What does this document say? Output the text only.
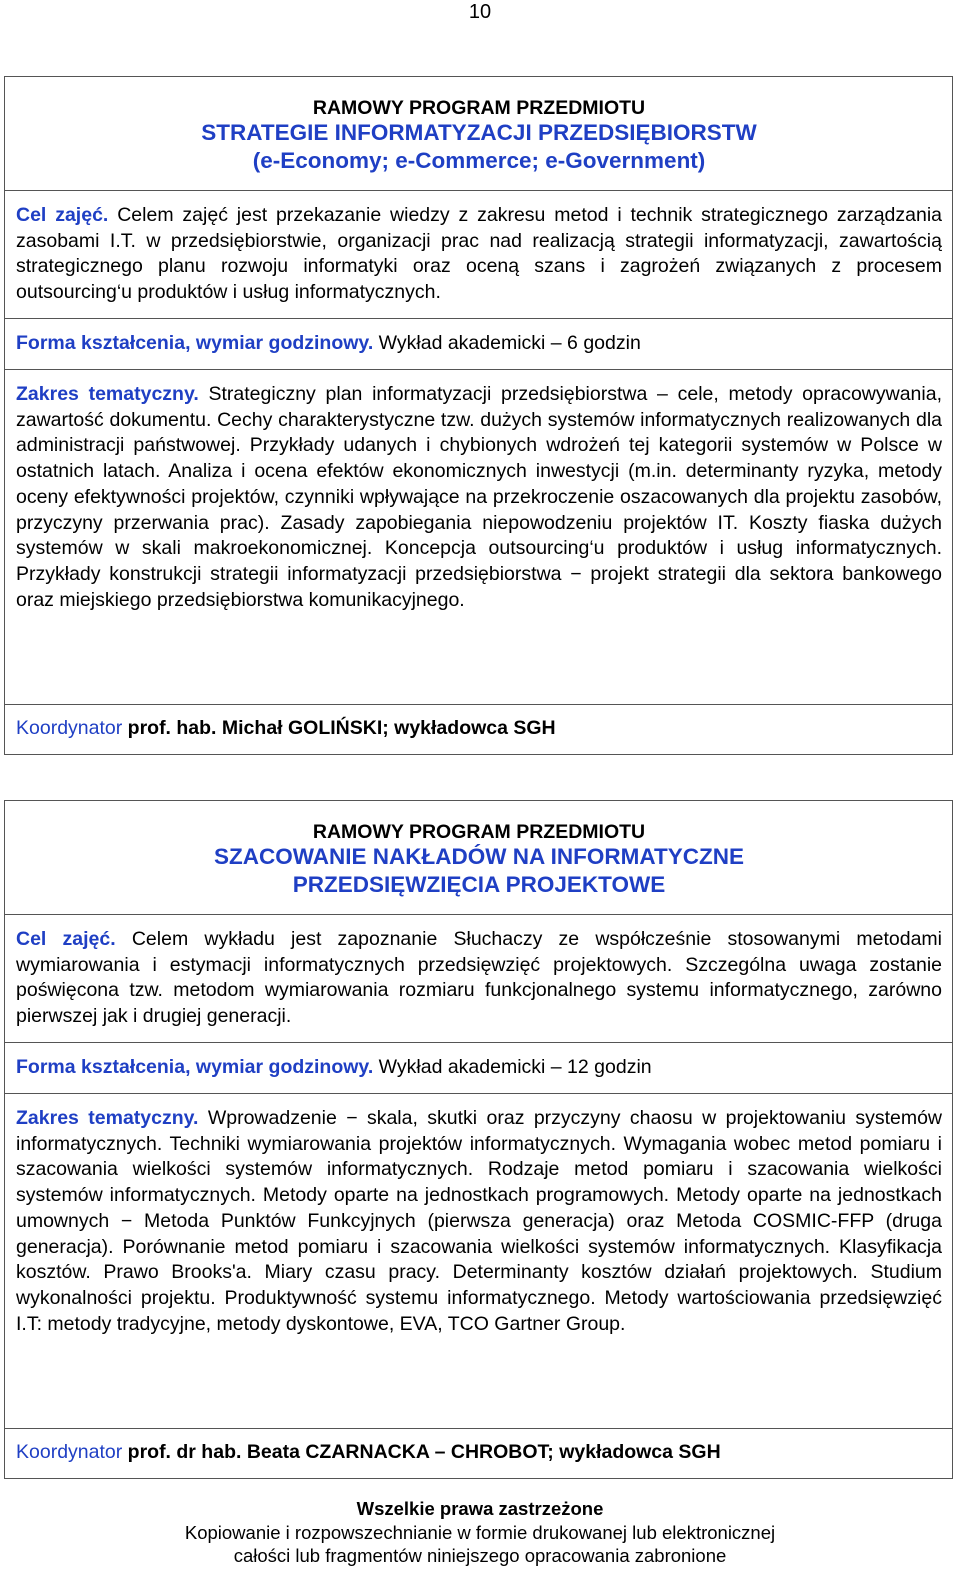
10
RAMOWY PROGRAM PRZEDMIOTU
STRATEGIE INFORMATYZACJI PRZEDSIĘBIORSTW
(e-Economy; e-Commerce; e-Government)

Cel zajęć. Celem zajęć jest przekazanie wiedzy z zakresu metod i technik strategicznego zarządzania zasobami I.T. w przedsiębiorstwie, organizacji prac nad realizacją strategii informatyzacji, zawartością strategicznego planu rozwoju informatyki oraz oceną szans i zagrożeń związanych z procesem outsourcing‘u produktów i usług informatycznych.

Forma kształcenia, wymiar godzinowy. Wykład akademicki – 6 godzin

Zakres tematyczny. Strategiczny plan informatyzacji przedsiębiorstwa – cele, metody opracowywania, zawartość dokumentu. Cechy charakterystyczne tzw. dużych systemów informatycznych realizowanych dla administracji państwowej. Przykłady udanych i chybionych wdrożeń tej kategorii systemów w Polsce w ostatnich latach. Analiza i ocena efektów ekonomicznych inwestycji (m.in. determinanty ryzyka, metody oceny efektywności projektów, czynniki wpływające na przekroczenie oszacowanych dla projektu zasobów, przyczyny przerwania prac). Zasady zapobiegania niepowodzeniu projektów IT. Koszty fiaska dużych systemów w skali makroekonomicznej. Koncepcja outsourcing‘u produktów i usług informatycznych. Przykłady konstrukcji strategii informatyzacji przedsiębiorstwa − projekt strategii dla sektora bankowego oraz miejskiego przedsiębiorstwa komunikacyjnego.

Koordynator prof. hab. Michał GOLIŃSKI; wykładowca SGH

RAMOWY PROGRAM PRZEDMIOTU
SZACOWANIE NAKŁADÓW NA INFORMATYCZNE
PRZEDSIĘWZIĘCIA PROJEKTOWE

Cel zajęć. Celem wykładu jest zapoznanie Słuchaczy ze współcześnie stosowanymi metodami wymiarowania i estymacji informatycznych przedsięwzięć projektowych. Szczególna uwaga zostanie poświęcona tzw. metodom wymiarowania rozmiaru funkcjonalnego systemu informatycznego, zarówno pierwszej jak i drugiej generacji.

Forma kształcenia, wymiar godzinowy. Wykład akademicki – 12 godzin

Zakres tematyczny. Wprowadzenie − skala, skutki oraz przyczyny chaosu w projektowaniu systemów informatycznych. Techniki wymiarowania projektów informatycznych. Wymagania wobec metod pomiaru i szacowania wielkości systemów informatycznych. Rodzaje metod pomiaru i szacowania wielkości systemów informatycznych. Metody oparte na jednostkach programowych. Metody oparte na jednostkach umownych − Metoda Punktów Funkcyjnych (pierwsza generacja) oraz Metoda COSMIC-FFP (druga generacja). Porównanie metod pomiaru i szacowania wielkości systemów informatycznych. Klasyfikacja kosztów. Prawo Brooks'a. Miary czasu pracy. Determinanty kosztów działań projektowych. Studium wykonalności projektu. Produktywność systemu informatycznego. Metody wartościowania przedsięwzięć I.T: metody tradycyjne, metody dyskontowe, EVA, TCO Gartner Group.

Koordynator prof. dr hab. Beata CZARNACKA – CHROBOT; wykładowca SGH

Wszelkie prawa zastrzeżone
Kopiowanie i rozpowszechnianie w formie drukowanej lub elektronicznej
całości lub fragmentów niniejszego opracowania zabronione
